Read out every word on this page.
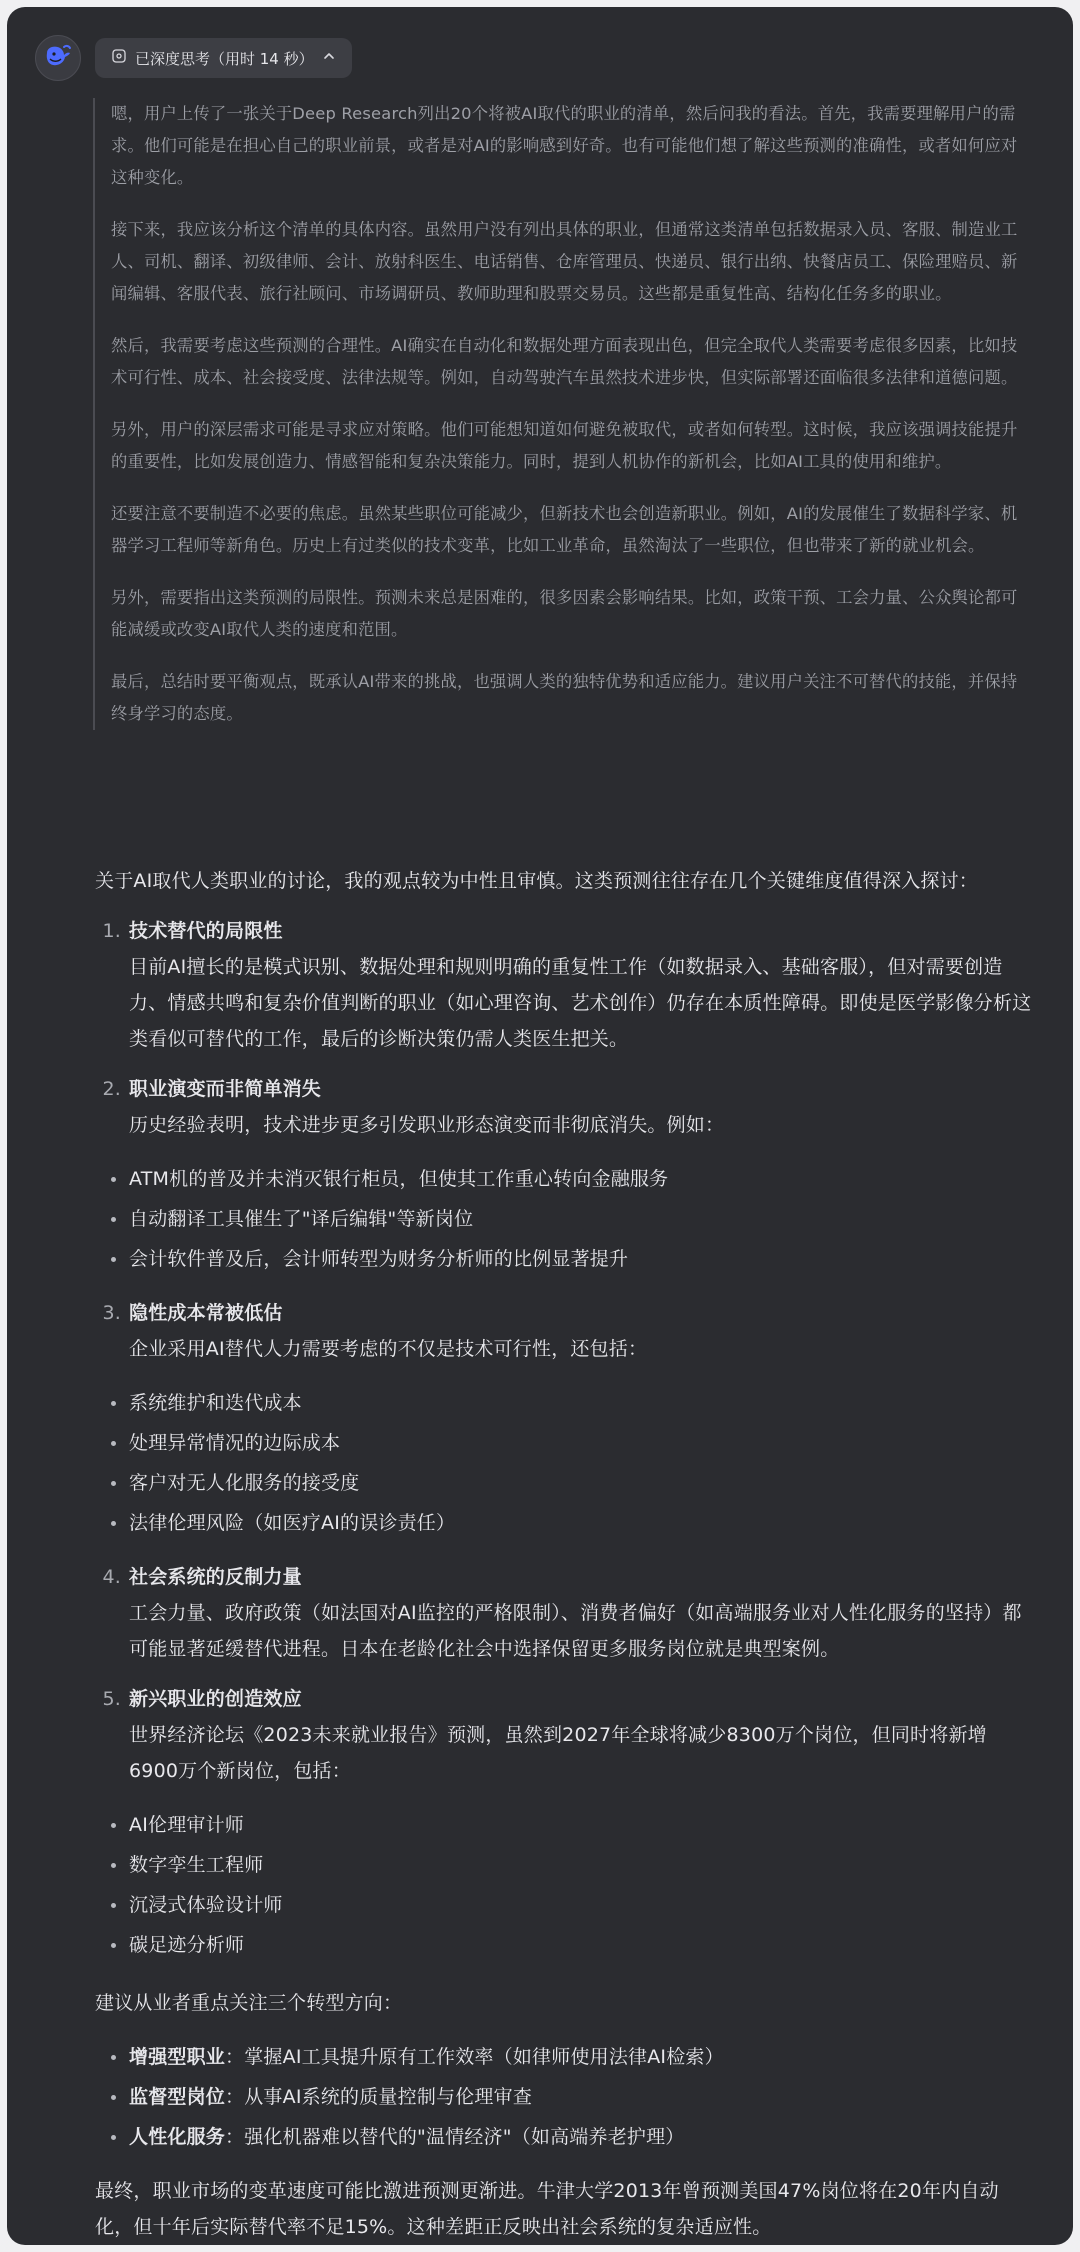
已深度思考（用时 14 秒）

嗯，用户上传了一张关于Deep Research列出20个将被AI取代的职业的清单，然后问我的看法。首先，我需要理解用户的需求。他们可能是在担心自己的职业前景，或者是对AI的影响感到好奇。也有可能他们想了解这些预测的准确性，或者如何应对这种变化。

接下来，我应该分析这个清单的具体内容。虽然用户没有列出具体的职业，但通常这类清单包括数据录入员、客服、制造业工人、司机、翻译、初级律师、会计、放射科医生、电话销售、仓库管理员、快递员、银行出纳、快餐店员工、保险理赔员、新闻编辑、客服代表、旅行社顾问、市场调研员、教师助理和股票交易员。这些都是重复性高、结构化任务多的职业。

然后，我需要考虑这些预测的合理性。AI确实在自动化和数据处理方面表现出色，但完全取代人类需要考虑很多因素，比如技术可行性、成本、社会接受度、法律法规等。例如，自动驾驶汽车虽然技术进步快，但实际部署还面临很多法律和道德问题。

另外，用户的深层需求可能是寻求应对策略。他们可能想知道如何避免被取代，或者如何转型。这时候，我应该强调技能提升的重要性，比如发展创造力、情感智能和复杂决策能力。同时，提到人机协作的新机会，比如AI工具的使用和维护。

还要注意不要制造不必要的焦虑。虽然某些职位可能减少，但新技术也会创造新职业。例如，AI的发展催生了数据科学家、机器学习工程师等新角色。历史上有过类似的技术变革，比如工业革命，虽然淘汰了一些职位，但也带来了新的就业机会。

另外，需要指出这类预测的局限性。预测未来总是困难的，很多因素会影响结果。比如，政策干预、工会力量、公众舆论都可能减缓或改变AI取代人类的速度和范围。

最后，总结时要平衡观点，既承认AI带来的挑战，也强调人类的独特优势和适应能力。建议用户关注不可替代的技能，并保持终身学习的态度。

关于AI取代人类职业的讨论，我的观点较为中性且审慎。这类预测往往存在几个关键维度值得深入探讨：

1. 技术替代的局限性
目前AI擅长的是模式识别、数据处理和规则明确的重复性工作（如数据录入、基础客服），但对需要创造力、情感共鸣和复杂价值判断的职业（如心理咨询、艺术创作）仍存在本质性障碍。即使是医学影像分析这类看似可替代的工作，最后的诊断决策仍需人类医生把关。
2. 职业演变而非简单消失
历史经验表明，技术进步更多引发职业形态演变而非彻底消失。例如：
ATM机的普及并未消灭银行柜员，但使其工作重心转向金融服务
自动翻译工具催生了"译后编辑"等新岗位
会计软件普及后，会计师转型为财务分析师的比例显著提升
3. 隐性成本常被低估
企业采用AI替代人力需要考虑的不仅是技术可行性，还包括：
系统维护和迭代成本
处理异常情况的边际成本
客户对无人化服务的接受度
法律伦理风险（如医疗AI的误诊责任）
4. 社会系统的反制力量
工会力量、政府政策（如法国对AI监控的严格限制）、消费者偏好（如高端服务业对人性化服务的坚持）都可能显著延缓替代进程。日本在老龄化社会中选择保留更多服务岗位就是典型案例。
5. 新兴职业的创造效应
世界经济论坛《2023未来就业报告》预测，虽然到2027年全球将减少8300万个岗位，但同时将新增6900万个新岗位，包括：
AI伦理审计师
数字孪生工程师
沉浸式体验设计师
碳足迹分析师

建议从业者重点关注三个转型方向：

增强型职业：掌握AI工具提升原有工作效率（如律师使用法律AI检索）
监督型岗位：从事AI系统的质量控制与伦理审查
人性化服务：强化机器难以替代的"温情经济"（如高端养老护理）

最终，职业市场的变革速度可能比激进预测更渐进。牛津大学2013年曾预测美国47%岗位将在20年内自动化，但十年后实际替代率不足15%。这种差距正反映出社会系统的复杂适应性。
